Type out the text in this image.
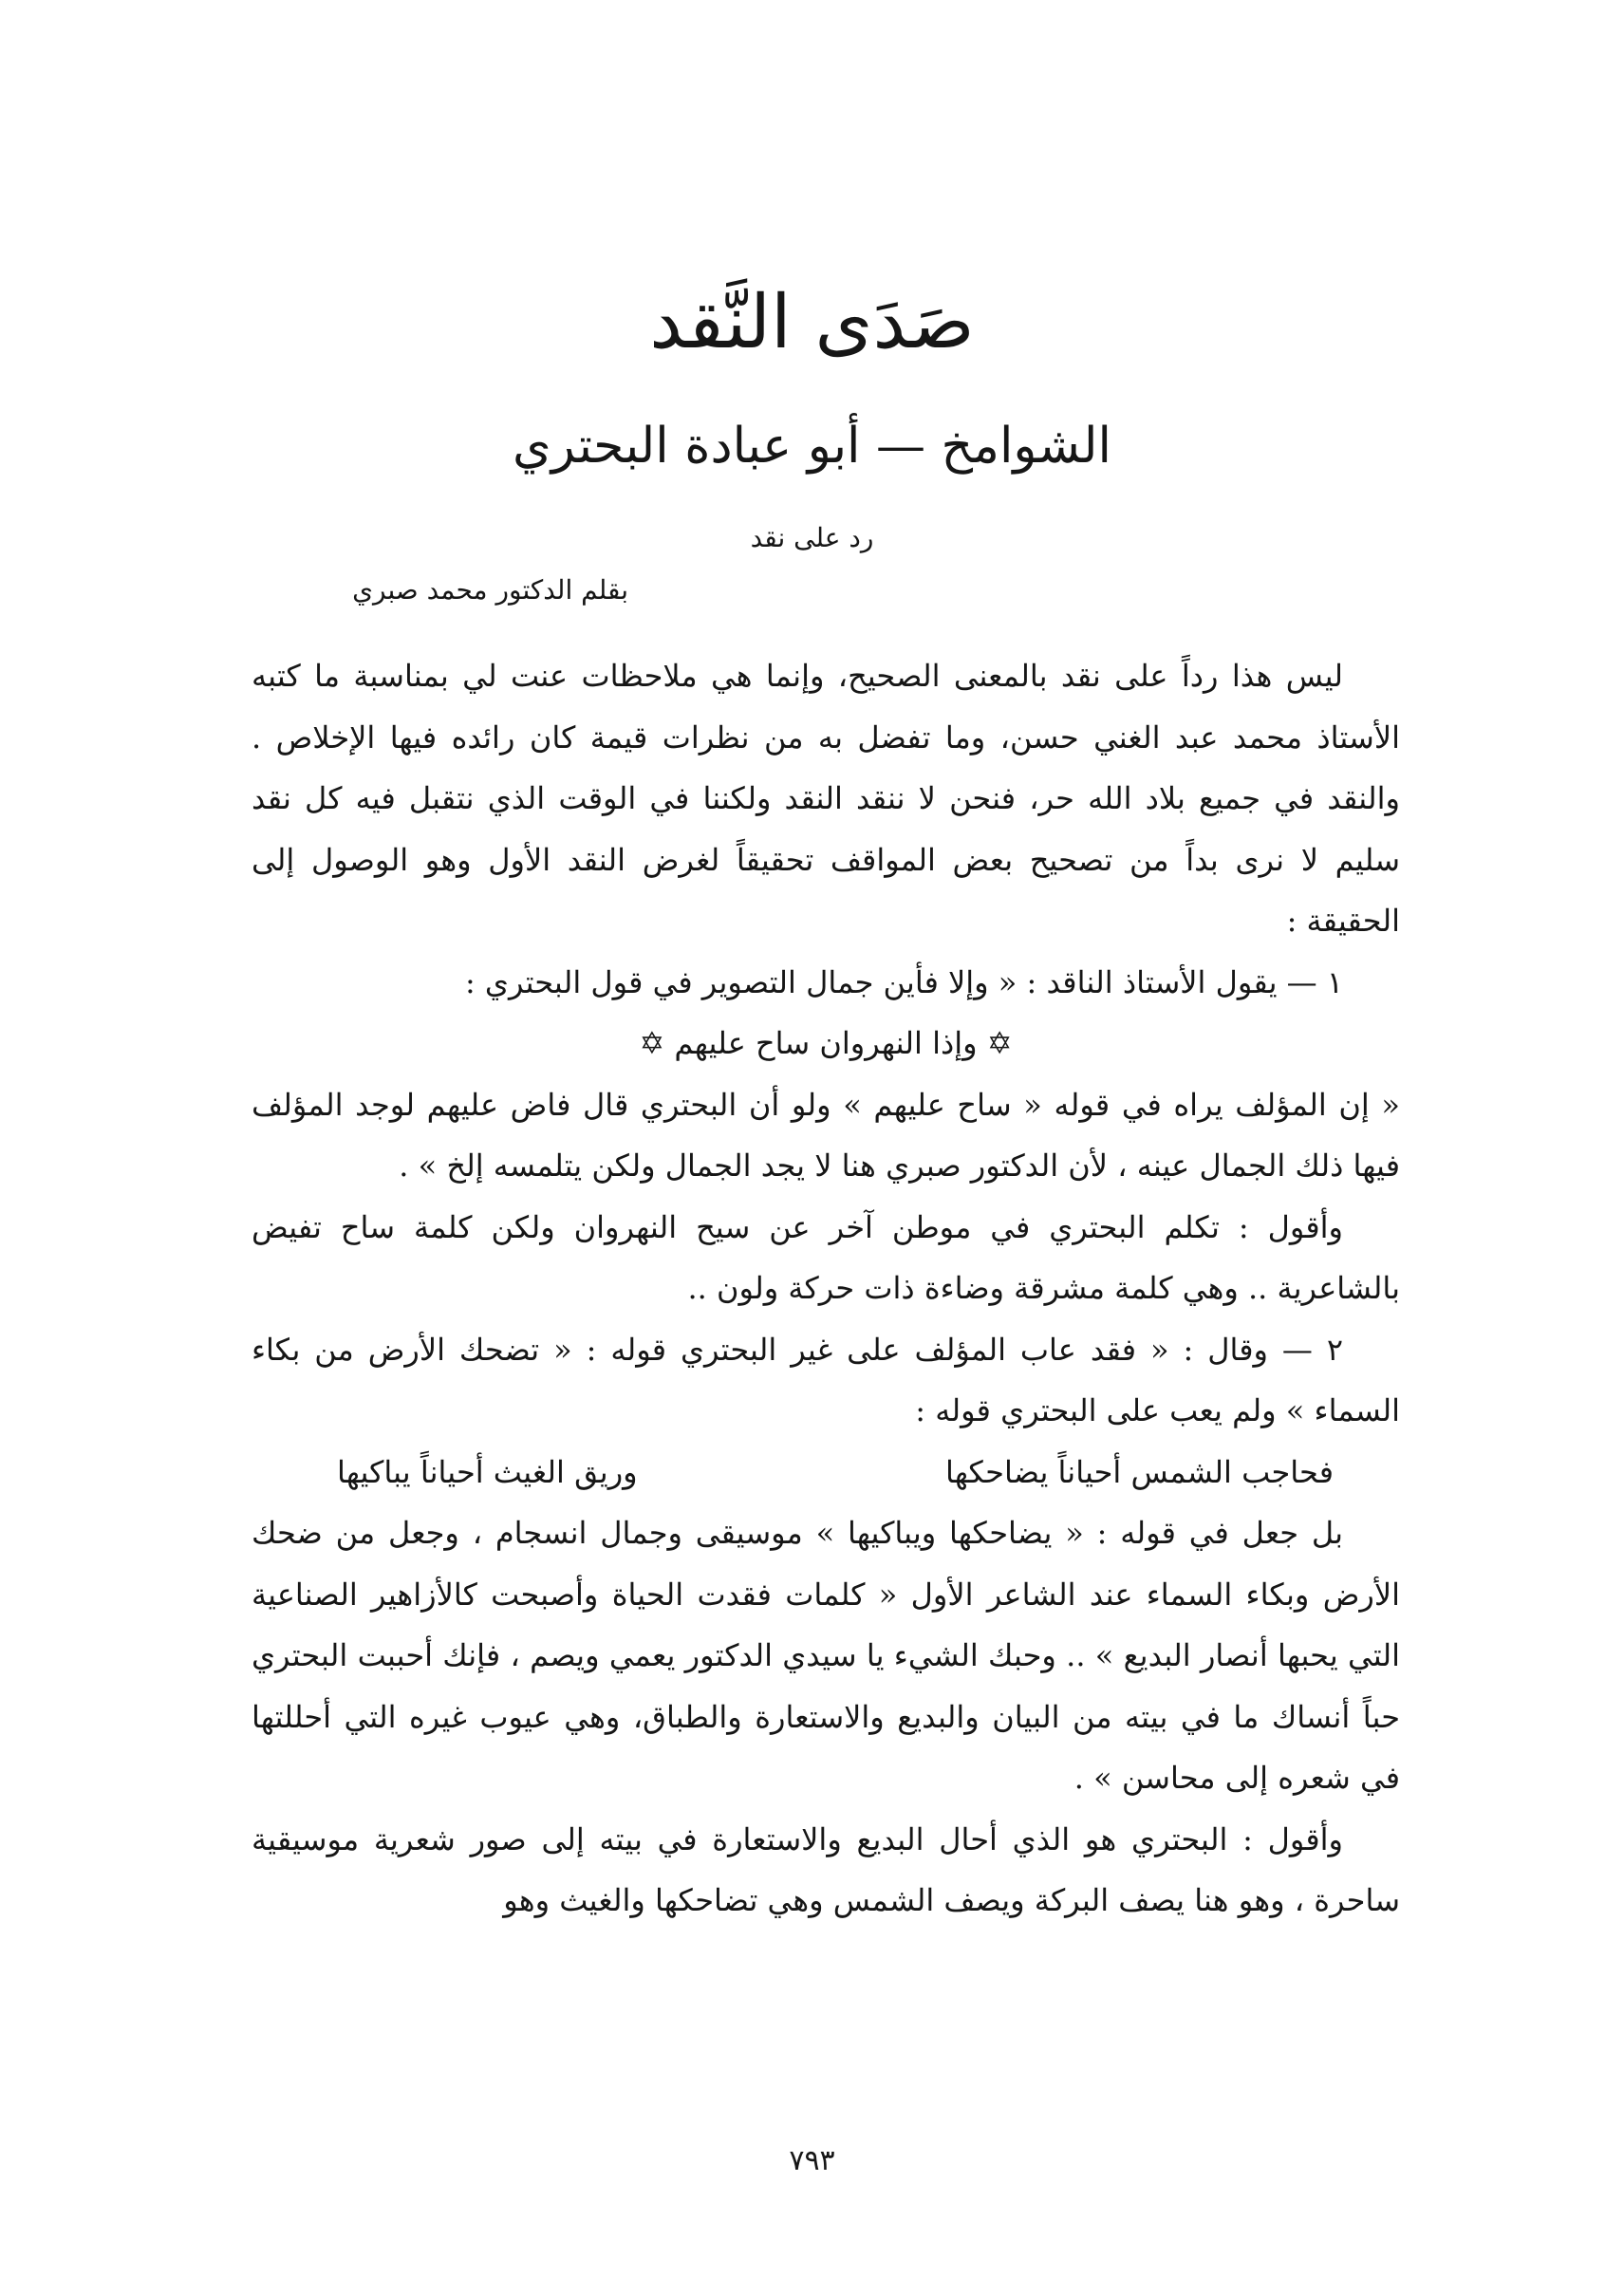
صَدَى النَّقد
الشوامخ — أبو عبادة البحتري
رد على نقد
بقلم الدكتور محمد صبري

ليس هذا رداً على نقد بالمعنى الصحيح، وإنما هي ملاحظات عنت لي بمناسبة ما كتبه الأستاذ محمد عبد الغني حسن، وما تفضل به من نظرات قيمة كان رائده فيها الإخلاص . والنقد في جميع بلاد الله حر، فنحن لا ننقد النقد ولكننا في الوقت الذي نتقبل فيه كل نقد سليم لا نرى بداً من تصحيح بعض المواقف تحقيقاً لغرض النقد الأول وهو الوصول إلى الحقيقة :

١ — يقول الأستاذ الناقد : « وإلا فأين جمال التصوير في قول البحتري :

✡ وإذا النهروان ساح عليهم ✡

« إن المؤلف يراه في قوله « ساح عليهم » ولو أن البحتري قال فاض عليهم لوجد المؤلف فيها ذلك الجمال عينه ، لأن الدكتور صبري هنا لا يجد الجمال ولكن يتلمسه إلخ » .

وأقول : تكلم البحتري في موطن آخر عن سيح النهروان ولكن كلمة ساح تفيض بالشاعرية .. وهي كلمة مشرقة وضاءة ذات حركة ولون ..

٢ — وقال : « فقد عاب المؤلف على غير البحتري قوله : « تضحك الأرض من بكاء السماء » ولم يعب على البحتري قوله :

فحاجب الشمس أحياناً يضاحكها
وريق الغيث أحياناً يباكيها

بل جعل في قوله : « يضاحكها ويباكيها » موسيقى وجمال انسجام ، وجعل من ضحك الأرض وبكاء السماء عند الشاعر الأول « كلمات فقدت الحياة وأصبحت كالأزاهير الصناعية التي يحبها أنصار البديع » .. وحبك الشيء يا سيدي الدكتور يعمي ويصم ، فإنك أحببت البحتري حباً أنساك ما في بيته من البيان والبديع والاستعارة والطباق، وهي عيوب غيره التي أحللتها في شعره إلى محاسن » .

وأقول : البحتري هو الذي أحال البديع والاستعارة في بيته إلى صور شعرية موسيقية ساحرة ، وهو هنا يصف البركة ويصف الشمس وهي تضاحكها والغيث وهو

٧٩٣
